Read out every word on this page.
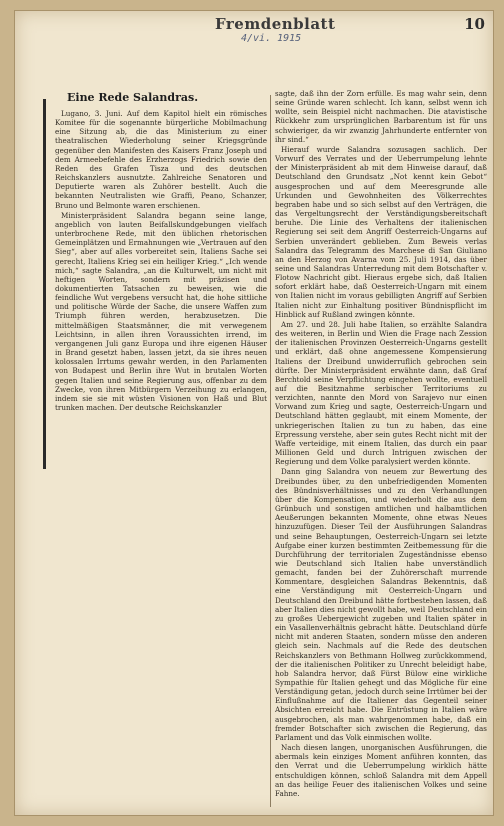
Fremdenblatt
4/vi. 1915
10
Eine Rede Salandras.

Lugano, 3. Juni. Auf dem Kapitol hielt ein römisches Komitee für die sogenannte bürgerliche Mobilmachung eine Sitzung ab, die das Ministerium zu einer theatralischen Wiederholung seiner Kriegsgründe gegenüber den Manifesten des Kaisers Franz Joseph und dem Armeebefehle des Erzherzogs Friedrich sowie den Reden des Grafen Tisza und des deutschen Reichskanzlers ausnutzte. Zahlreiche Senatoren und Deputierte waren als Zuhörer bestellt. Auch die bekannten Neutralisten wie Graffi, Peano, Schanzer, Bruno und Belmonte waren erschienen.

Ministerpräsident Salandra begann seine lange, angeblich von lauten Beifallskundgebungen vielfach unterbrochene Rede, mit den üblichen rhetorischen Gemeinplätzen und Ermahnungen wie „Vertrauen auf den Sieg“, aber auf alles vorbereitet sein, Italiens Sache sei gerecht, Italiens Krieg sei ein heiliger Krieg.“ „Ich wende mich,“ sagte Salandra, „an die Kulturwelt, um nicht mit heftigen Worten, sondern mit präzisen und dokumentierten Tatsachen zu beweisen, wie die feindliche Wut vergebens versucht hat, die hohe sittliche und politische Würde der Sache, die unsere Waffen zum Triumph führen werden, herabzusetzen. Die mittelmäßigen Staatsmänner, die mit verwegenem Leichtsinn, in allen ihren Voraussichten irrend, im vergangenen Juli ganz Europa und ihre eigenen Häuser in Brand gesetzt haben, lassen jetzt, da sie ihres neuen kolossalen Irrtums gewahr werden, in den Parlamenten von Budapest und Berlin ihre Wut in brutalen Worten gegen Italien und seine Regierung aus, offenbar zu dem Zwecke, von ihren Mitbürgern Verzeihung zu erlangen, indem sie sie mit wüsten Visionen von Haß und Blut trunken machen. Der deutsche Reichskanzler

sagte, daß ihn der Zorn erfülle. Es mag wahr sein, denn seine Gründe waren schlecht. Ich kann, selbst wenn ich wollte, sein Beispiel nicht nachmachen. Die atavistische Rückkehr zum ursprünglichen Barbarentum ist für uns schwieriger, da wir zwanzig Jahrhunderte entfernter von ihr sind.“

Hierauf wurde Salandra sozusagen sachlich. Der Vorwurf des Verrates und der Ueberrumpelung lehnte der Ministerpräsident ab mit dem Hinweise darauf, daß Deutschland den Grundsatz „Not kennt kein Gebot“ ausgesprochen und auf dem Meeresgrunde alle Urkunden und Gewohnheiten des Völkerrechtes begraben habe und so sich selbst auf den Verträgen, die das Vergeltungsrecht der Verständigungsbereitschaft beruhe. Die Linie des Verhaltens der italienischen Regierung sei seit dem Angriff Oesterreich-Ungarns auf Serbien unverändert geblieben. Zum Beweis verlas Salandra das Telegramm des Marchese di San Giuliano an den Herzog von Avarna vom 25. Juli 1914, das über seine und Salandras Unterredung mit dem Botschafter v. Flotow Nachricht gibt. Hieraus ergebe sich, daß Italien sofort erklärt habe, daß Oesterreich-Ungarn mit einem von Italien nicht im voraus gebilligten Angriff auf Serbien Italien nicht zur Einhaltung positiver Bündnispflicht im Hinblick auf Rußland zwingen könnte.

Am 27. und 28. Juli habe Italien, so erzählte Salandra des weiteren, in Berlin und Wien die Frage nach Zession der italienischen Provinzen Oesterreich-Ungarns gestellt und erklärt, daß ohne angemessene Kompensierung Italiens der Dreibund unwiderruflich gebrochen sein dürfte. Der Ministerpräsident erwähnte dann, daß Graf Berchtold seine Verpflichtung eingehen wollte, eventuell auf die Besitznahme serbischer Territoriums zu verzichten, nannte den Mord von Sarajevo nur einen Vorwand zum Krieg und sagte, Oesterreich-Ungarn und Deutschland hätten geglaubt, mit einem Momente, der unkriegerischen Italien zu tun zu haben, das eine Erpressung verstehe, aber sein gutes Recht nicht mit der Waffe verteidige, mit einem Italien, das durch ein paar Millionen Geld und durch Intriguen zwischen der Regierung und dem Volke paralysiert werden könnte.

Dann ging Salandra von neuem zur Bewertung des Dreibundes über, zu den unbefriedigenden Momenten des Bündnisverhältnisses und zu den Verhandlungen über die Kompensation, und wiederholt die aus dem Grünbuch und sonstigen amtlichen und halbamtlichen Aeußerungen bekannten Momente, ohne etwas Neues hinzuzufügen. Dieser Teil der Ausführungen Salandras und seine Behauptungen, Oesterreich-Ungarn sei letzte Aufgabe einer kurzen bestimmten Zeitbemessung für die Durchführung der territorialen Zugeständnisse ebenso wie Deutschland sich Italien habe unverständlich gemacht, fanden bei der Zuhörerschaft murrende Kommentare, desgleichen Salandras Bekenntnis, daß eine Verständigung mit Oesterreich-Ungarn und Deutschland den Dreibund hätte fortbestehen lassen, daß aber Italien dies nicht gewollt habe, weil Deutschland ein zu großes Uebergewicht zugeben und Italien später in ein Vasallenverhältnis gebracht hätte. Deutschland dürfe nicht mit anderen Staaten, sondern müsse den anderen gleich sein. Nachmals auf die Rede des deutschen Reichskanzlers von Bethmann Hollweg zurückkommend, der die italienischen Politiker zu Unrecht beleidigt habe, hob Salandra hervor, daß Fürst Bülow eine wirkliche Sympathie für Italien gehegt und das Mögliche für eine Verständigung getan, jedoch durch seine Irrtümer bei der Einflußnahme auf die Italiener das Gegenteil seiner Absichten erreicht habe. Die Entrüstung in Italien wäre ausgebrochen, als man wahrgenommen habe, daß ein fremder Botschafter sich zwischen die Regierung, das Parlament und das Volk einmischen wollte.

Nach diesen langen, unorganischen Ausführungen, die abermals kein einziges Moment anführen konnten, das den Verrat und die Ueberrumpelung wirklich hätte entschuldigen können, schloß Salandra mit dem Appell an das heilige Feuer des italienischen Volkes und seine Fahne.
